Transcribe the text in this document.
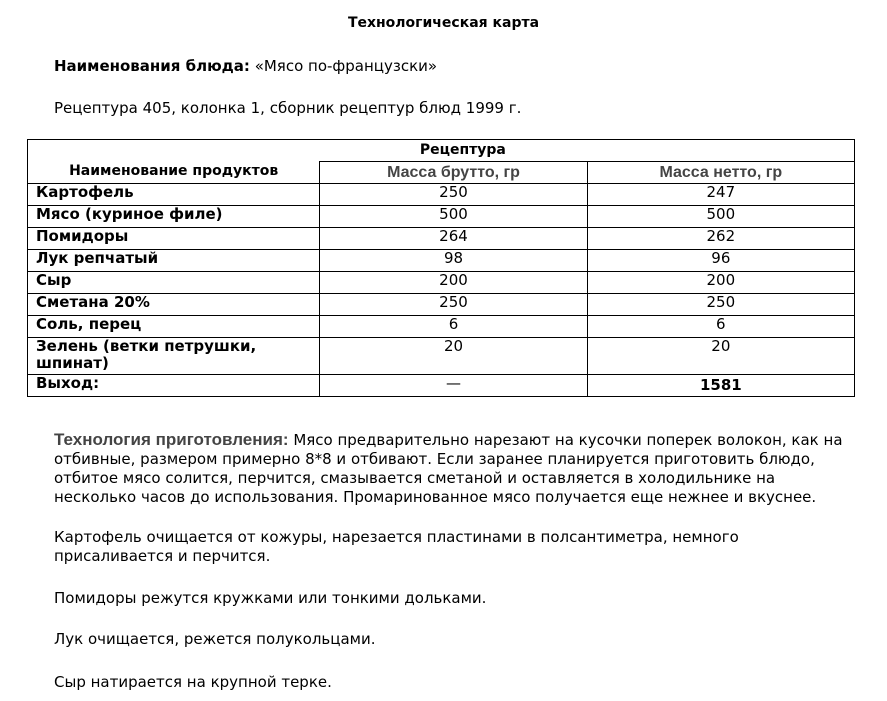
Технологическая карта
Наименования блюда: «Мясо по-французски»
Рецептура 405, колонка 1, сборник рецептур блюд 1999 г.
	Рецептура	
Наименование продуктов	Масса брутто, гр	Масса нетто, гр
Картофель	250	247
Мясо (куриное филе)	500	500
Помидоры	264	262
Лук репчатый	98	96
Сыр	200	200
Сметана 20%	250	250
Соль, перец	6	6
Зелень (ветки петрушки, шпинат)	20	20
Выход:	—	1581
Технология приготовления: Мясо предварительно нарезают на кусочки поперек волокон, как на отбивные, размером примерно 8*8 и отбивают. Если заранее планируется приготовить блюдо, отбитое мясо солится, перчится, смазывается сметаной и оставляется в холодильнике на несколько часов до использования. Промаринованное мясо получается еще нежнее и вкуснее.
Картофель очищается от кожуры, нарезается пластинами в полсантиметра, немного присаливается и перчится.
Помидоры режутся кружками или тонкими дольками.
Лук очищается, режется полукольцами.
Сыр натирается на крупной терке.
